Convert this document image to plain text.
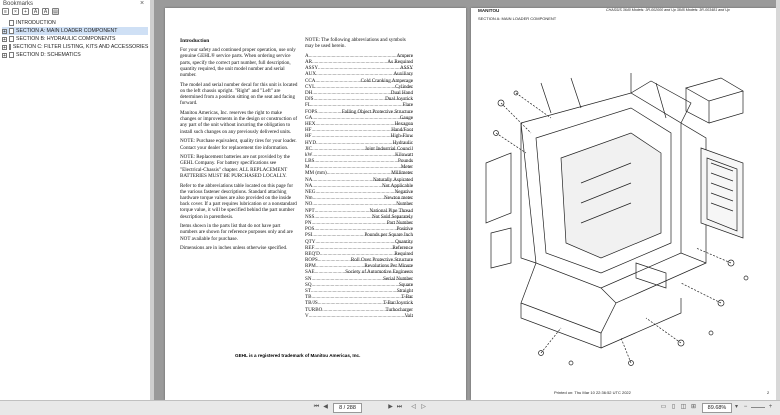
Bookmarks	×
≡	×	+	A	A	▤
INTRODUCTION
+ SECTION A: MAIN LOADER COMPONENT
+ SECTION B: HYDRAULIC COMPONENTS
+ SECTION C: FILTER LISTING, KITS AND ACCESSORIES
+ SECTION D: SCHEMATICS
Introduction

For your safety and continued proper operation, use only genuine GEHL® service parts. When ordering service parts, specify the correct part number, full description, quantity required, the unit model number and serial number.

The model and serial number decal for this unit is located on the left chassis upright. "Right" and "Left" are determined from a position sitting on the seat and facing forward.

Manitou Americas, Inc. reserves the right to make changes or improvements in the design or construction of any part of the unit without incurring the obligation to install such changes on any previously delivered units.

NOTE: Purchase equivalent, quality tires for your loader. Contact your dealer for replacement tire information.

NOTE: Replacement batteries are not provided by the GEHL Company. For battery specifications see "Electrical-Chassis" chapter. ALL REPLACEMENT BATTERIES MUST BE PURCHASED LOCALLY.

Refer to the abbreviations table located on this page for the various fastener descriptions. Standard attaching hardware torque values are also provided on the inside back cover. If a part requires lubrication or a nonstandard torque value, it will be specified behind the part number description in parenthesis.

Items shown in the parts list that do not have part numbers are shown for reference purposes only and are NOT available for purchase.

Dimensions are in inches unless otherwise specified.

NOTE: The following abbreviations and symbols may be used herein.

A	..... Ampere
AR	..... As Required
ASSY	..... ASSY
AUX	..... Auxiliary
CCA	..... Cold Cranking Amperage
CYL	..... Cylinder
DH	..... Dual Hand
DJS	..... Dual Joystick
FL	..... Flare
FOPS	..... Falling Object Protective Structure
GA	..... Gauge
HEX	..... Hexagon
HF	..... Hand/Foot
HF	..... High-Flow
HYD	..... Hydraulic
JIC	..... Joint Industrial Council
kW	..... Kilowatt
LBS	..... Pounds
M	..... Meter
MM (mm)	..... Millimeter
NA	..... Naturally Aspirated
NA	..... Not Applicable
NEG	..... Negative
Nm	..... Newton meter
NO	..... Number
NPT	..... National Pipe Thread
NSS	..... Not Sold Separately
PN	..... Part Number
POS	..... Positive
PSI	..... Pounds per Square Inch
QTY	..... Quantity
REF	..... Reference
REQ'D	..... Required
ROPS	..... Roll Over Protective Structure
RPM	..... Revolutions Per Minute
SAE	..... Society of Automotive Engineers
SN	..... Serial Number
SQ	..... Square
ST	..... Straight
TB	..... T-Bar
TB/JS	..... T-Bar/Joystick
TURBO	..... Turbocharger
V	..... Volt
GEHL is a registered trademark of Manitou Americas, Inc.
MANITOU	CHASSIS 3640 Models: 3R-002000 and Up 3845 Models: 3R-003481 and Up
SECTION A: MAIN LOADER COMPONENT
Printed on: Thu Mar 10 22:36:52 UTC 2022	2
⏮ ◀	8 / 288	▶ ⏭ ◁ ▷	▭ ▯ ◫ ⊞	89.68%	▾ −	+
